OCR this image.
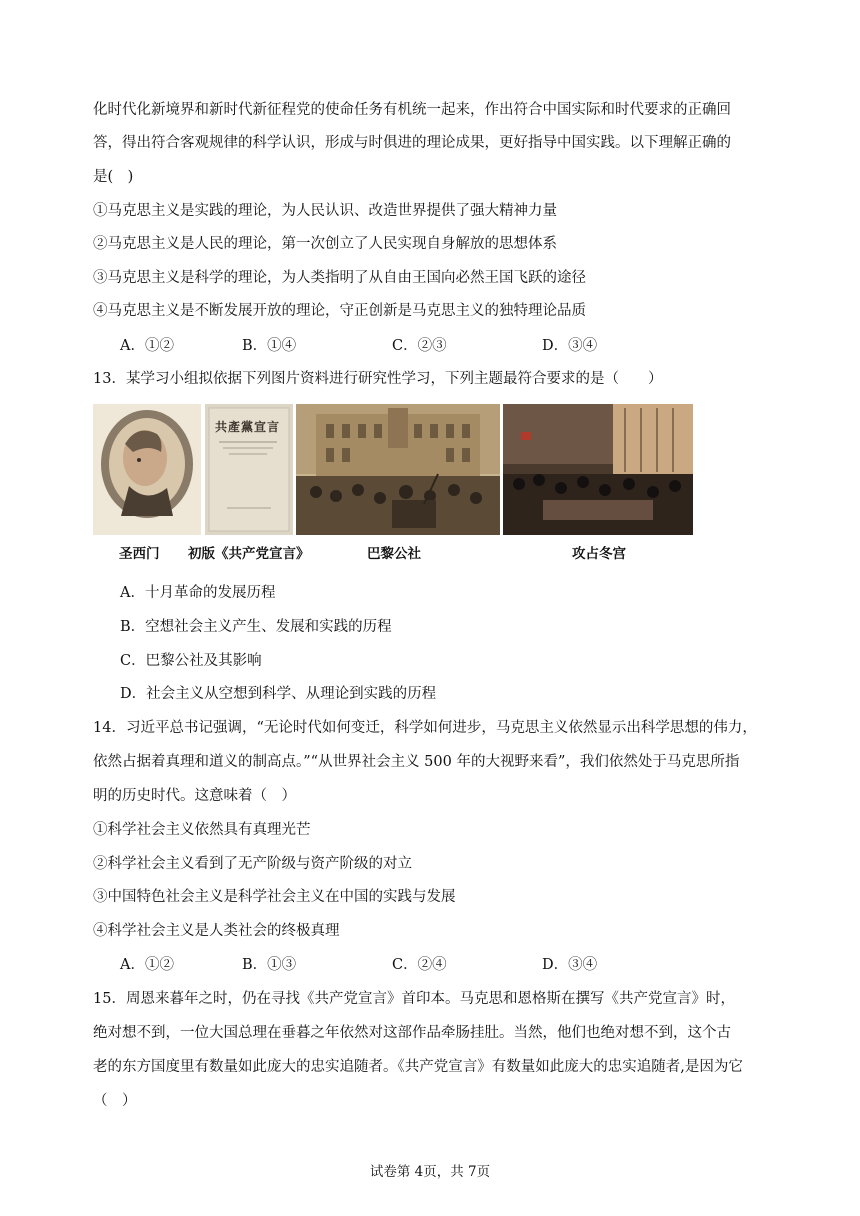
化时代化新境界和新时代新征程党的使命任务有机统一起来，作出符合中国实际和时代要求的正确回
答，得出符合客观规律的科学认识，形成与时俱进的理论成果，更好指导中国实践。以下理解正确的
是(　)
①马克思主义是实践的理论，为人民认识、改造世界提供了强大精神力量
②马克思主义是人民的理论，第一次创立了人民实现自身解放的思想体系
③马克思主义是科学的理论，为人类指明了从自由王国向必然王国飞跃的途径
④马克思主义是不断发展开放的理论，守正创新是马克思主义的独特理论品质
A．①②	B．①④	C．②③	D．③④
13．某学习小组拟依据下列图片资料进行研究性学习，下列主题最符合要求的是（　　）
共產黨宣言
圣西门 初版《共产党宣言》	巴黎公社	攻占冬宫
A．十月革命的发展历程
B．空想社会主义产生、发展和实践的历程
C．巴黎公社及其影响
D．社会主义从空想到科学、从理论到实践的历程
14．习近平总书记强调，“无论时代如何变迁，科学如何进步，马克思主义依然显示出科学思想的伟力，
依然占据着真理和道义的制高点。”“从世界社会主义 500 年的大视野来看”，我们依然处于马克思所指
明的历史时代。这意味着（　）
①科学社会主义依然具有真理光芒
②科学社会主义看到了无产阶级与资产阶级的对立
③中国特色社会主义是科学社会主义在中国的实践与发展
④科学社会主义是人类社会的终极真理
A．①②	B．①③	C．②④	D．③④
15．周恩来暮年之时，仍在寻找《共产党宣言》首印本。马克思和恩格斯在撰写《共产党宣言》时，
绝对想不到，一位大国总理在垂暮之年依然对这部作品牵肠挂肚。当然，他们也绝对想不到，这个古
老的东方国度里有数量如此庞大的忠实追随者。《共产党宣言》有数量如此庞大的忠实追随者,是因为它
（　）
试卷第 4页，共 7页
